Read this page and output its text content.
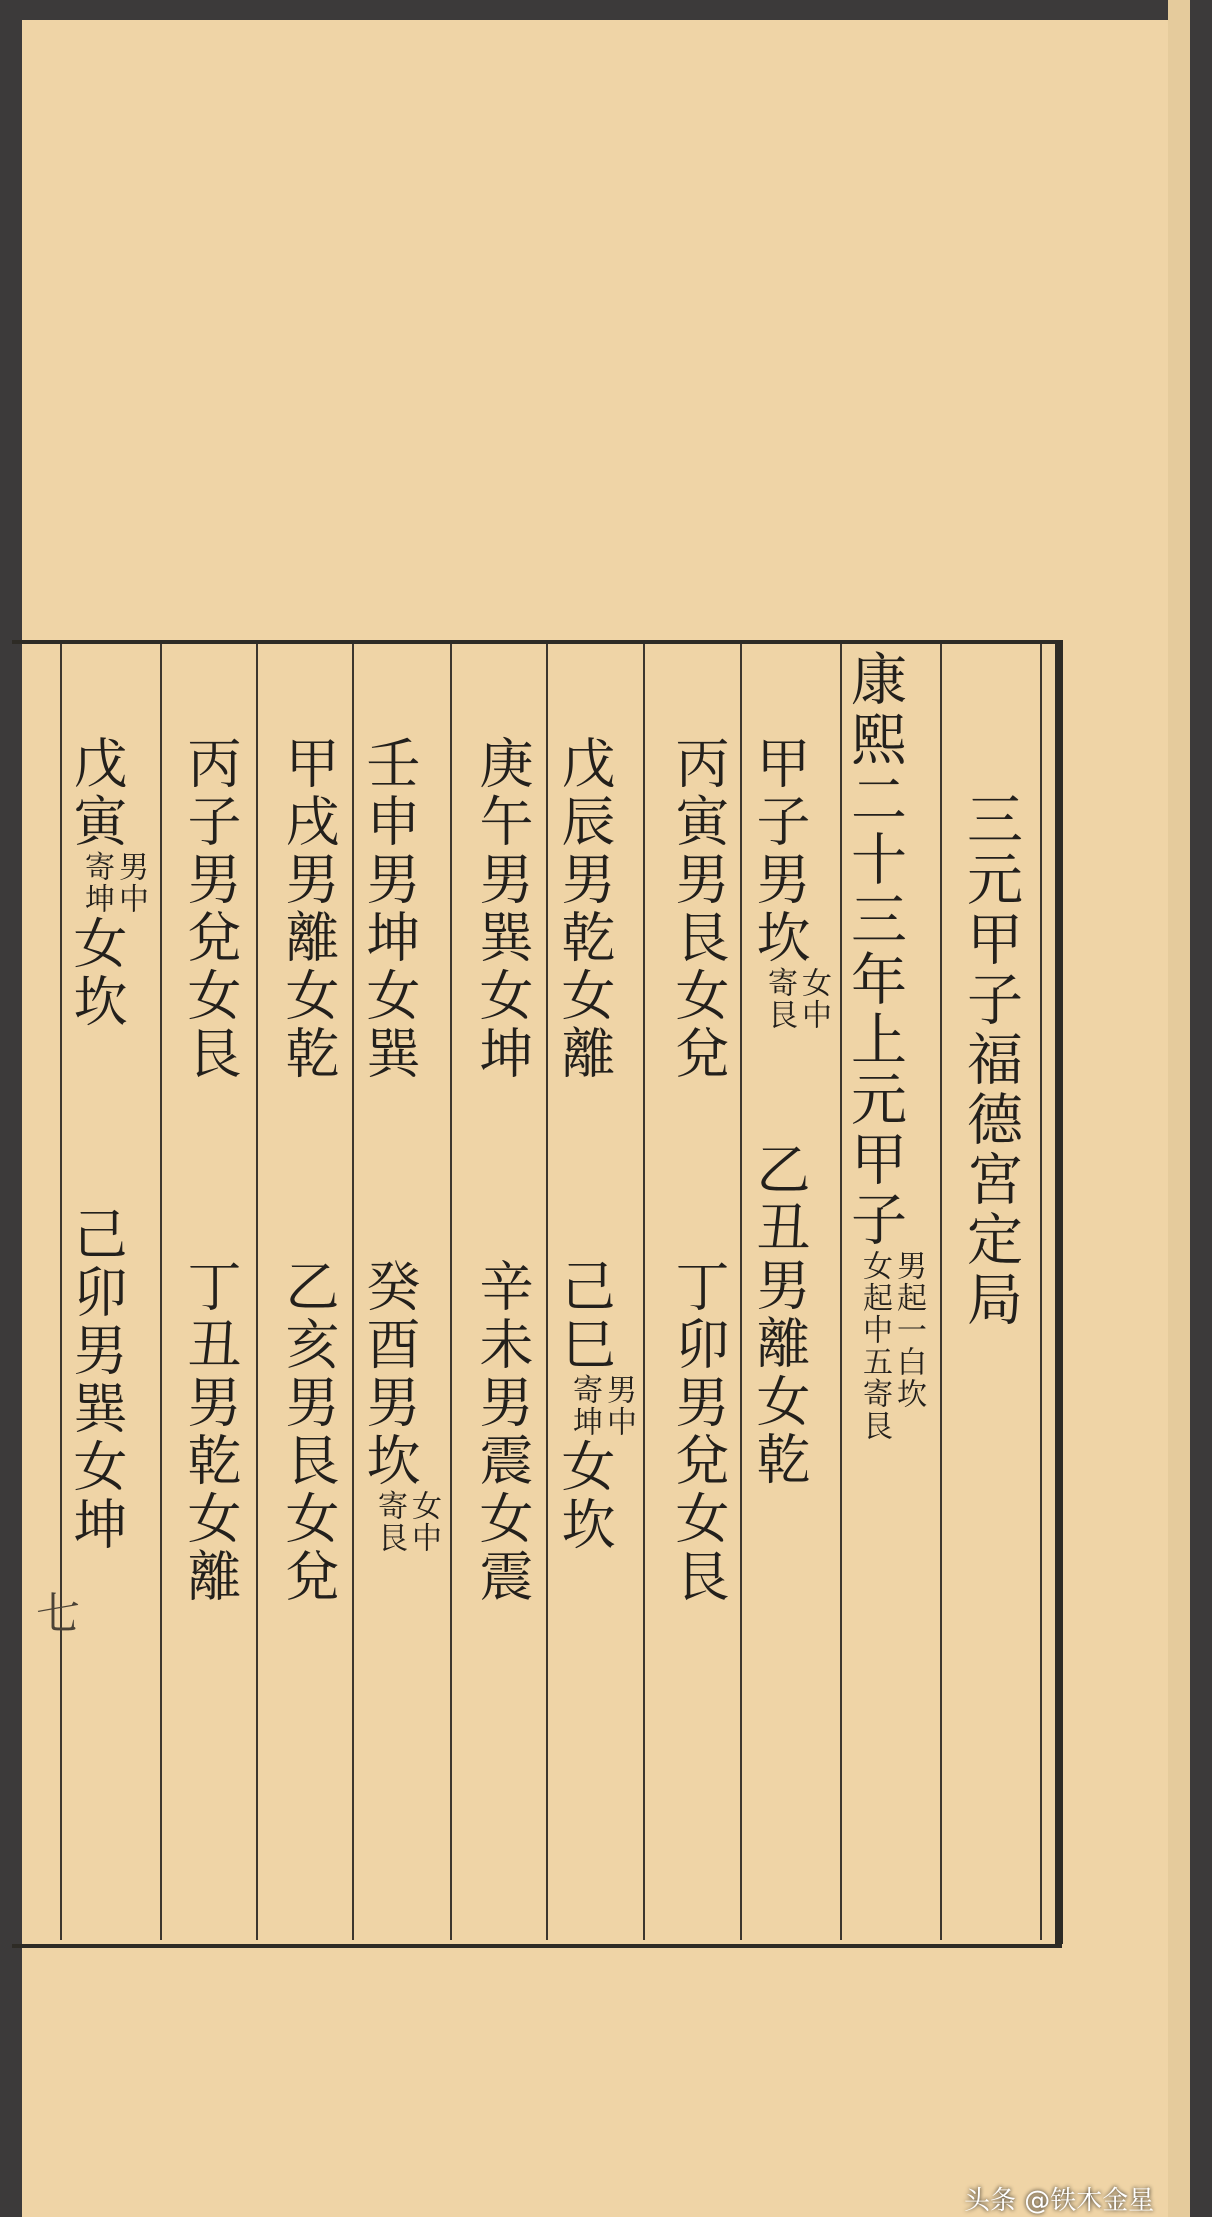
三元甲子福德宮定局
康熙二十三年上元甲子
男起一白坎
女起中五寄艮
甲子男坎
女中
寄艮
乙丑男離女乾
丙寅男艮女兌丁卯男兌女艮
戊辰男乾女離己巳
男中
寄坤
女坎
庚午男巽女坤辛未男震女震
壬申男坤女巽癸酉男坎
女中
寄艮
甲戌男離女乾乙亥男艮女兌
丙子男兌女艮丁丑男乾女離
戊寅
男中
寄坤
女坎己卯男巽女坤
七
头条 @铁木金星
